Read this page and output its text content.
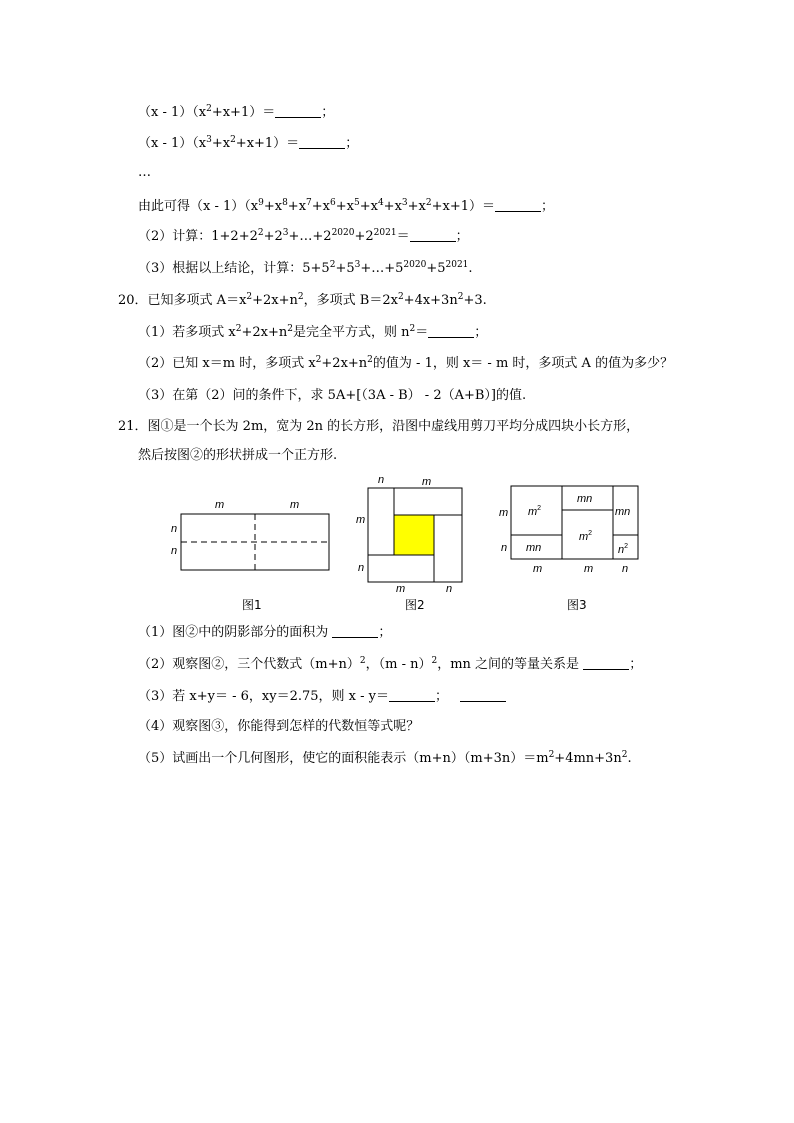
$(x - 1)(x^2+x+1)=$	；
$(x - 1)(x^3+x^2+x+1)=$	；
…
由此可得$(x - 1)(x^9+x^8+x^7+x^6+x^5+x^4+x^3+x^2+x+1)=$	；
（2）计算：$1+2+2^2+2^3+\dots+2^{2020}+2^{2021}=$	；
（3）根据以上结论，计算：$5+5^2+5^3+\dots+5^{2020}+5^{2021}$.
20．已知多项式 $A=x^2+2x+n^2$，多项式 $B=2x^2+4x+3n^2+3$.
（1）若多项式 $x^2+2x+n^2$是完全平方式，则 $n^2=$	；
（2）已知 x＝m 时，多项式 $x^2+2x+n^2$的值为 - 1，则 x＝ - m 时，多项式 A 的值为多少？
（3）在第（2）问的条件下，求 5A+[（3A - B） - 2（A+B）]的值.
21．图①是一个长为 2m，宽为 2n 的长方形，沿图中虚线用剪刀平均分成四块小长方形，
然后按图②的形状拼成一个正方形.
m	m
n
n
图1
n	m
m
n
m	n
图2
$m^2$
mn
$m^2$
mn
mn	$n^2$
m
n
m	m	n
图3
（1）图②中的阴影部分的面积为	；
（2）观察图②，三个代数式$(m+n)^2$，（m - n）$^2$，mn 之间的等量关系是	；
（3）若 x+y＝ - 6，xy＝2.75，则 x - y＝	；
（4）观察图③，你能得到怎样的代数恒等式呢？
（5）试画出一个几何图形，使它的面积能表示$(m+n)(m+3n)=m^2+4mn+3n^2$.
